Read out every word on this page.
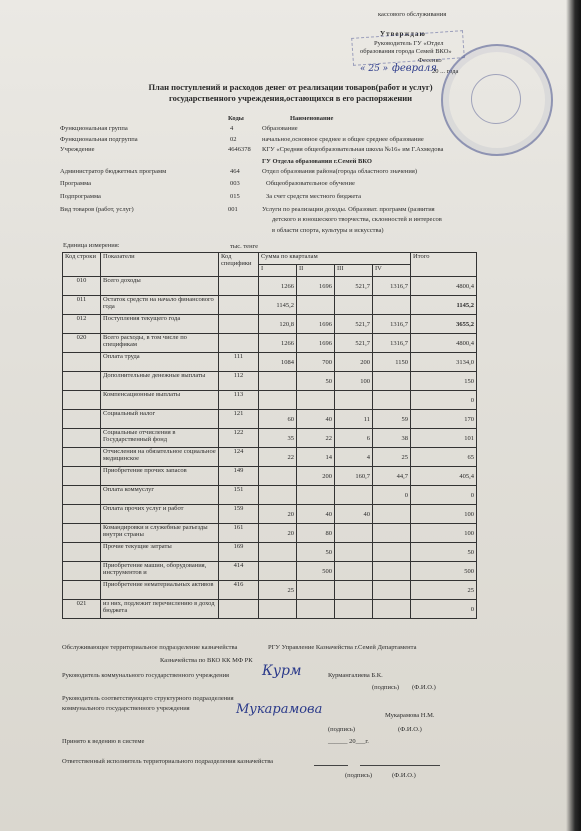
кассового обслуживания
Утверждаю
Руководитель ГУ «Отдел
образования города Семей ВКО»
Фесенко
« 25 » февраля
20 ... года
План поступлений и расходов денег от реализации товаров(работ и услуг)
государственного учреждения,остающихся в его распоряжении
Коды	Наименование
Функциональная группа	4	Образование
Функциональная подгруппа	02	начальное,основное среднее и общее среднее образование
Учреждение	4646378 КГУ «Средняя общеобразовательная школа №16» им Г.Ахмедова
ГУ Отдела образования г.Семей ВКО
Администратор бюджетных программ	464	Отдел образования района(города областного значения)
Программа	003	Общеобразовательное обучение
Подпрограмма	015	За счет средств местного бюджета
Вид товаров (работ, услуг)	001	Услуги по реализации доходы. Образоват. программ (развития
детского и юношеского творчества, склонностей и интересов
в области спорта, культуры и искусства)
Единица измерения:	тыс. тенге
Код строки	Показатели	Код специфики	Сумма по кварталам				Итого
			I	II	III	IV	
010	Всего доходы		1266	1696	521,7	1316,7	4800,4
011	Остаток средств на начало финансового года		1145,2				1145,2
012	Поступления текущего года		120,8	1696	521,7	1316,7	3655,2
020	Всего расходы, в том числе по спецификам		1266	1696	521,7	1316,7	4800,4
	Оплата труда	111	1084	700	200	1150	3134,0
	Дополнительные денежные выплаты	112		50	100		150
	Компенсационные выплаты	113					0
	Социальный налог	121	60	40	11	59	170
	Социальные отчисления в Государственный фонд	122	35	22	6	38	101
	Отчисления на обязательное социальное медицинское	124	22	14	4	25	65
	Приобретение прочих запасов	149		200	160,7	44,7	405,4
	Оплата коммуслуг	151				0	0
	Оплата прочих услуг и работ	159	20	40	40		100
	Командировки и служебные разъезды внутри страны	161	20	80			100
	Прочие текущие затраты	169		50			50
	Приобретение машин, оборудования, инструментов и	414		500			500
	Приобретение нематериальных активов	416	25				25
021	из них, подлежит перечислению в доход бюджета						0
Обслуживающее территориальное подразделение казначейства	РГУ Управление Казначейства г.Семей Департамента
Казначейства по ВКО КК МФ РК
Руководитель коммунального государственного учреждения Курм	Курмангалиева Б.К.
(подпись) (Ф.И.О.)
Руководитель соответствующего структурного подразделения
коммунального государственного учреждения	Мукарамова	Мукарамова Н.М.
(подпись)	(Ф.И.О.)
Принято к ведению в системе	______ 20___г.
Ответственный исполнитель территориального подразделения казначейства
(подпись)	(Ф.И.О.)
